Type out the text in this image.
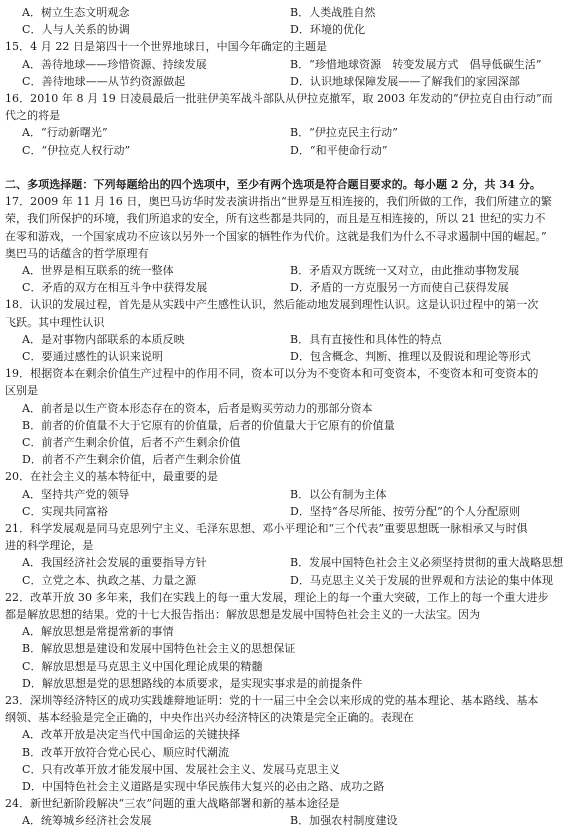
A．树立生态文明观念	B．人类战胜自然
C．人与人关系的协调	D．环境的优化
15．4 月 22 日是第四十一个世界地球日，中国今年确定的主题是
A．善待地球——珍惜资源、持续发展	B．“珍惜地球资源　转变发展方式　倡导低碳生活”
C．善待地球——从节约资源做起	D．认识地球保障发展——了解我们的家园深部
16．2010 年 8 月 19 日凌晨最后一批驻伊美军战斗部队从伊拉克撤军，取 2003 年发动的“伊拉克自由行动”而
代之的将是
A．“行动新曙光”	B．“伊拉克民主行动”
C．“伊拉克人权行动”	D．“和平使命行动”
二、多项选择题：下列每题给出的四个选项中，至少有两个选项是符合题目要求的。每小题 2 分，共 34 分。
17．2009 年 11 月 16 日，奥巴马访华时发表演讲指出“世界是互相连接的，我们所做的工作，我们所建立的繁
荣，我们所保护的环境，我们所追求的安全，所有这些都是共同的，而且是互相连接的，所以 21 世纪的实力不
在零和游戏，一个国家成功不应该以另外一个国家的牺牲作为代价。这就是我们为什么不寻求遏制中国的崛起。”
奥巴马的话蕴含的哲学原理有
A．世界是相互联系的统一整体	B．矛盾双方既统一又对立，由此推动事物发展
C．矛盾的双方在相互斗争中获得发展	D．矛盾的一方克服另一方而使自己获得发展
18．认识的发展过程，首先是从实践中产生感性认识，然后能动地发展到理性认识。这是认识过程中的第一次
飞跃。其中理性认识
A．是对事物内部联系的本质反映	B．具有直接性和具体性的特点
C．要通过感性的认识来说明	D．包含概念、判断、推理以及假说和理论等形式
19．根据资本在剩余价值生产过程中的作用不同，资本可以分为不变资本和可变资本，不变资本和可变资本的
区别是
A．前者是以生产资本形态存在的资本，后者是购买劳动力的那部分资本
B．前者的价值量不大于它原有的价值量，后者的价值量大于它原有的价值量
C．前者产生剩余价值，后者不产生剩余价值
D．前者不产生剩余价值，后者产生剩余价值
20．在社会主义的基本特征中，最重要的是
A．坚持共产党的领导	B．以公有制为主体
C．实现共同富裕	D．坚持“各尽所能、按劳分配”的个人分配原则
21．科学发展观是同马克思列宁主义、毛泽东思想、邓小平理论和“三个代表”重要思想既一脉相承又与时俱
进的科学理论，是
A．我国经济社会发展的重要指导方针	B．发展中国特色社会主义必须坚持贯彻的重大战略思想
C．立党之本、执政之基、力量之源	D．马克思主义关于发展的世界观和方法论的集中体现
22．改革开放 30 多年来，我们在实践上的每一重大发展，理论上的每一个重大突破，工作上的每一个重大进步
都是解放思想的结果。党的十七大报告指出：解放思想是发展中国特色社会主义的一大法宝。因为
A．解放思想是常提常新的事情
B．解放思想是建设和发展中国特色社会主义的思想保证
C．解放思想是马克思主义中国化理论成果的精髓
D．解放思想是党的思想路线的本质要求，是实现实事求是的前提条件
23．深圳等经济特区的成功实践雄辩地证明：党的十一届三中全会以来形成的党的基本理论、基本路线、基本
纲领、基本经验是完全正确的，中央作出兴办经济特区的决策是完全正确的。表现在
A．改革开放是决定当代中国命运的关键抉择
B．改革开放符合党心民心、顺应时代潮流
C．只有改革开放才能发展中国、发展社会主义、发展马克思主义
D．中国特色社会主义道路是实现中华民族伟大复兴的必由之路、成功之路
24．新世纪新阶段解决“三农”问题的重大战略部署和新的基本途径是
A．统筹城乡经济社会发展	B．加强农村制度建设
